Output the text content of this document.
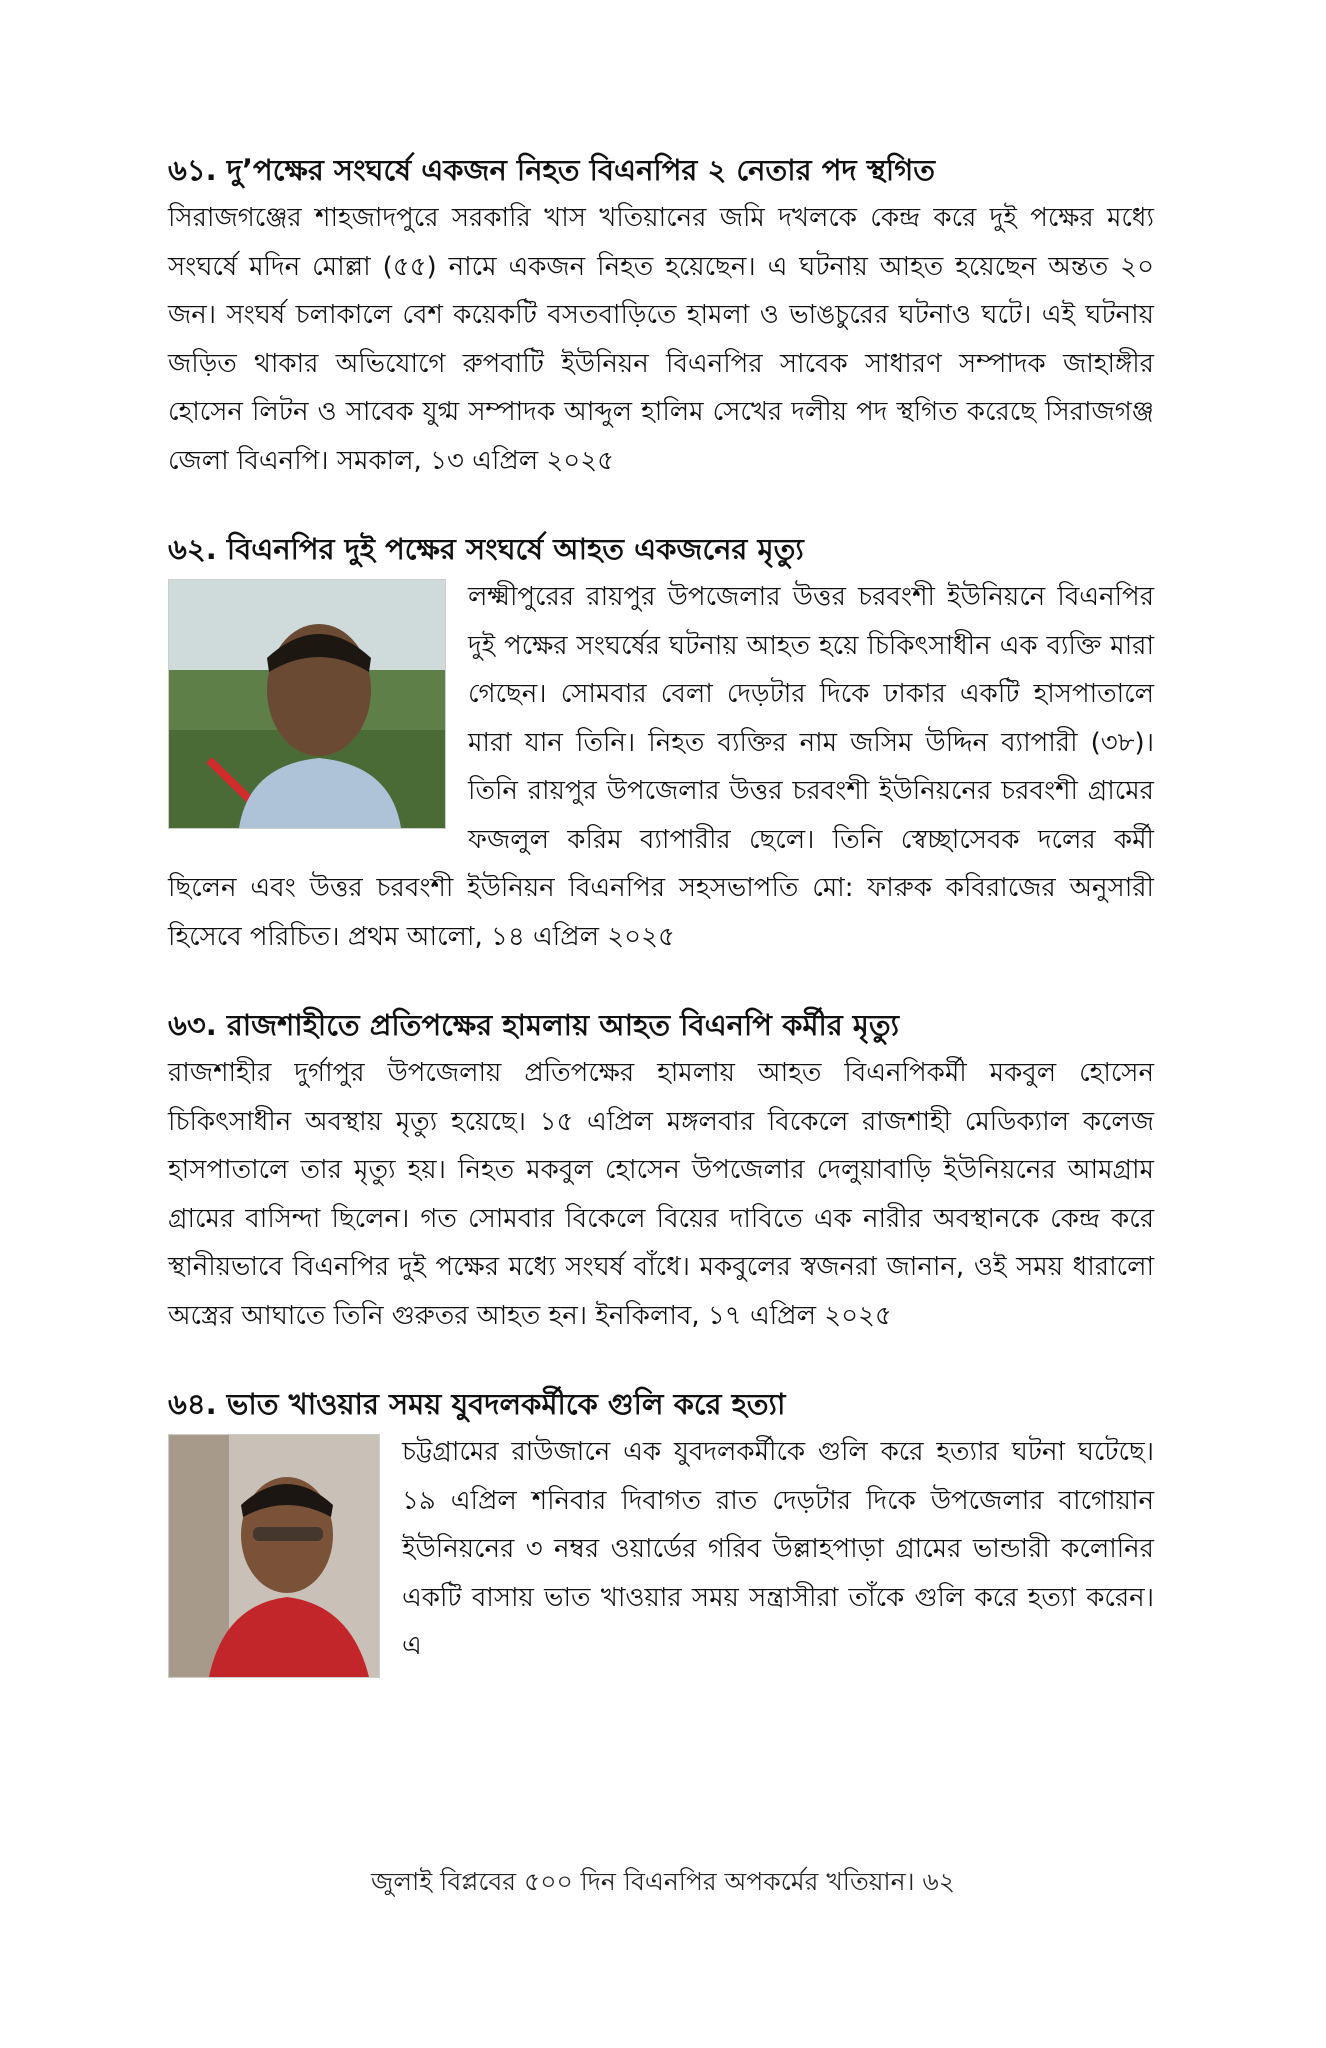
৬১. দু’পক্ষের সংঘর্ষে একজন নিহত বিএনপির ২ নেতার পদ স্থগিত

সিরাজগঞ্জের শাহজাদপুরে সরকারি খাস খতিয়ানের জমি দখলকে কেন্দ্র করে দুই পক্ষের মধ্যে সংঘর্ষে মদিন মোল্লা (৫৫) নামে একজন নিহত হয়েছেন। এ ঘটনায় আহত হয়েছেন অন্তত ২০ জন। সংঘর্ষ চলাকালে বেশ কয়েকটি বসতবাড়িতে হামলা ও ভাঙচুরের ঘটনাও ঘটে। এই ঘটনায় জড়িত থাকার অভিযোগে রুপবাটি ইউনিয়ন বিএনপির সাবেক সাধারণ সম্পাদক জাহাঙ্গীর হোসেন লিটন ও সাবেক যুগ্ম সম্পাদক আব্দুল হালিম সেখের দলীয় পদ স্থগিত করেছে সিরাজগঞ্জ জেলা বিএনপি। সমকাল, ১৩ এপ্রিল ২০২৫

৬২. বিএনপির দুই পক্ষের সংঘর্ষে আহত একজনের মৃত্যু

লক্ষ্মীপুরের রায়পুর উপজেলার উত্তর চরবংশী ইউনিয়নে বিএনপির দুই পক্ষের সংঘর্ষের ঘটনায় আহত হয়ে চিকিৎসাধীন এক ব্যক্তি মারা গেছেন। সোমবার বেলা দেড়টার দিকে ঢাকার একটি হাসপাতালে মারা যান তিনি। নিহত ব্যক্তির নাম জসিম উদ্দিন ব্যাপারী (৩৮)। তিনি রায়পুর উপজেলার উত্তর চরবংশী ইউনিয়নের চরবংশী গ্রামের ফজলুল করিম ব্যাপারীর ছেলে। তিনি স্বেচ্ছাসেবক দলের কর্মী ছিলেন এবং উত্তর চরবংশী ইউনিয়ন বিএনপির সহসভাপতি মো: ফারুক কবিরাজের অনুসারী হিসেবে পরিচিত। প্রথম আলো, ১৪ এপ্রিল ২০২৫

৬৩. রাজশাহীতে প্রতিপক্ষের হামলায় আহত বিএনপি কর্মীর মৃত্যু

রাজশাহীর দুর্গাপুর উপজেলায় প্রতিপক্ষের হামলায় আহত বিএনপিকর্মী মকবুল হোসেন চিকিৎসাধীন অবস্থায় মৃত্যু হয়েছে। ১৫ এপ্রিল মঙ্গলবার বিকেলে রাজশাহী মেডিক্যাল কলেজ হাসপাতালে তার মৃত্যু হয়। নিহত মকবুল হোসেন উপজেলার দেলুয়াবাড়ি ইউনিয়নের আমগ্রাম গ্রামের বাসিন্দা ছিলেন। গত সোমবার বিকেলে বিয়ের দাবিতে এক নারীর অবস্থানকে কেন্দ্র করে স্থানীয়ভাবে বিএনপির দুই পক্ষের মধ্যে সংঘর্ষ বাঁধে। মকবুলের স্বজনরা জানান, ওই সময় ধারালো অস্ত্রের আঘাতে তিনি গুরুতর আহত হন। ইনকিলাব, ১৭ এপ্রিল ২০২৫

৬৪. ভাত খাওয়ার সময় যুবদলকর্মীকে গুলি করে হত্যা

চট্টগ্রামের রাউজানে এক যুবদলকর্মীকে গুলি করে হত্যার ঘটনা ঘটেছে। ১৯ এপ্রিল শনিবার দিবাগত রাত দেড়টার দিকে উপজেলার বাগোয়ান ইউনিয়নের ৩ নম্বর ওয়ার্ডের গরিব উল্লাহপাড়া গ্রামের ভান্ডারী কলোনির একটি বাসায় ভাত খাওয়ার সময় সন্ত্রাসীরা তাঁকে গুলি করে হত্যা করেন। এ

জুলাই বিপ্লবের ৫০০ দিন বিএনপির অপকর্মের খতিয়ান। ৬২
